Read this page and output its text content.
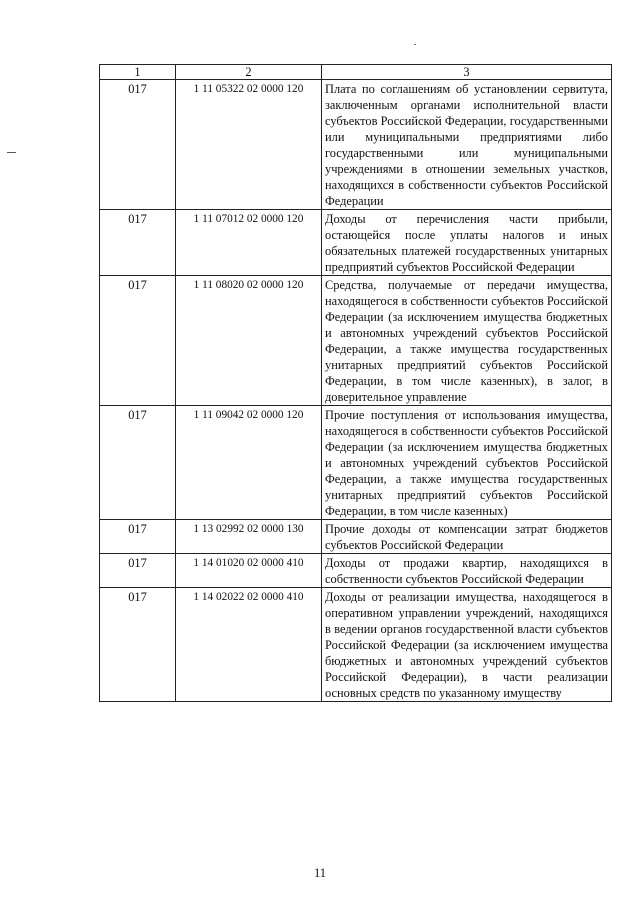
1	2	3
017	1 11 05322 02 0000 120	Плата по соглашениям об установлении сервитута, заключенным органами исполнительной власти субъектов Российской Федерации, государственными или муниципальными предприятиями либо государственными или муниципальными учреждениями в отношении земельных участков, находящихся в собственности субъектов Российской Федерации
017	1 11 07012 02 0000 120	Доходы от перечисления части прибыли, остающейся после уплаты налогов и иных обязательных платежей государственных унитарных предприятий субъектов Российской Федерации
017	1 11 08020 02 0000 120	Средства, получаемые от передачи имущества, находящегося в собственности субъектов Российской Федерации (за исключением имущества бюджетных и автономных учреждений субъектов Российской Федерации, а также имущества государственных унитарных предприятий субъектов Российской Федерации, в том числе казенных), в залог, в доверительное управление
017	1 11 09042 02 0000 120	Прочие поступления от использования имущества, находящегося в собственности субъектов Российской Федерации (за исключением имущества бюджетных и автономных учреждений субъектов Российской Федерации, а также имущества государственных унитарных предприятий субъектов Российской Федерации, в том числе казенных)
017	1 13 02992 02 0000 130	Прочие доходы от компенсации затрат бюджетов субъектов Российской Федерации
017	1 14 01020 02 0000 410	Доходы от продажи квартир, находящихся в собственности субъектов Российской Федерации
017	1 14 02022 02 0000 410	Доходы от реализации имущества, находящегося в оперативном управлении учреждений, находящихся в ведении органов государственной власти субъектов Российской Федерации (за исключением имущества бюджетных и автономных учреждений субъектов Российской Федерации), в части реализации основных средств по указанному имуществу
11
